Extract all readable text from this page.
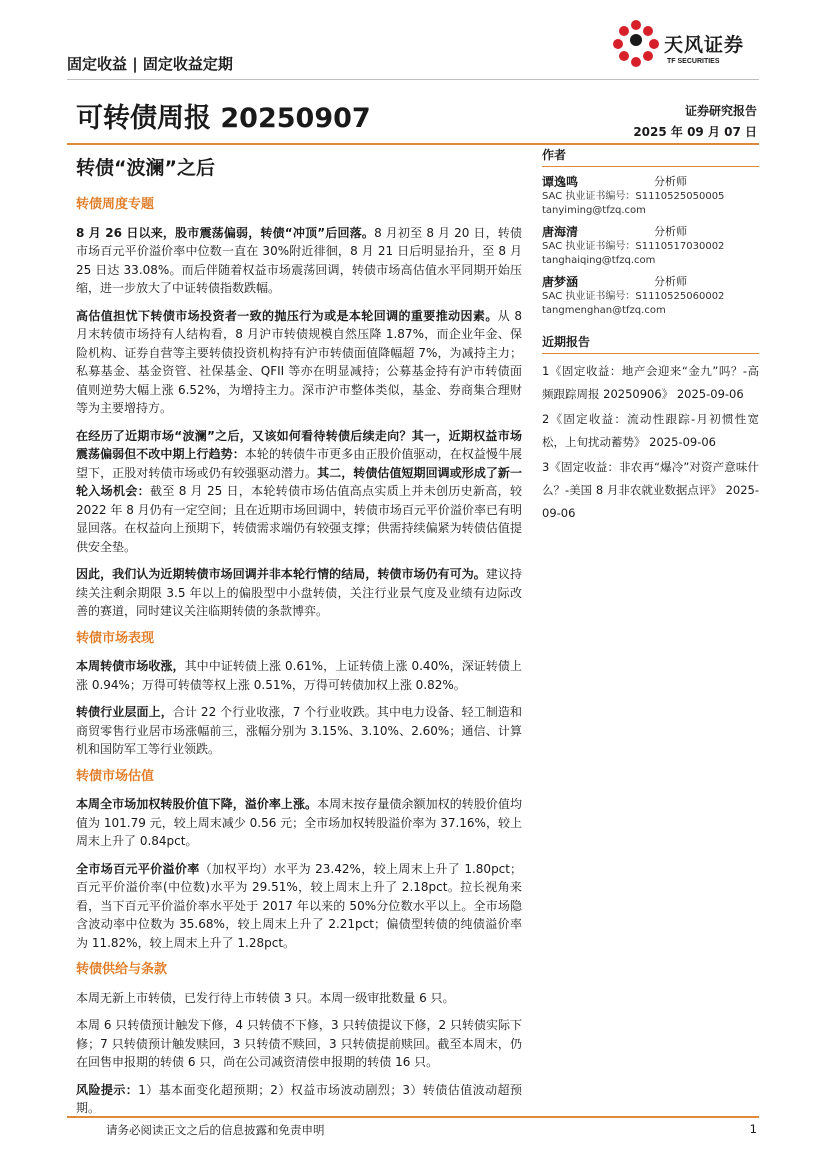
天风证券
TF SECURITIES
固定收益 | 固定收益定期
可转债周报 20250907	证券研究报告
2025 年 09 月 07 日
转债“波澜”之后
转债周度专题
8 月 26 日以来，股市震荡偏弱，转债“冲顶”后回落。8 月初至 8 月 20 日，转债市场百元平价溢价率中位数一直在 30%附近徘徊，8 月 21 日后明显抬升，至 8 月 25 日达 33.08%。而后伴随着权益市场震荡回调，转债市场高估值水平同期开始压缩，进一步放大了中证转债指数跌幅。
高估值担忧下转债市场投资者一致的抛压行为或是本轮回调的重要推动因素。从 8 月末转债市场持有人结构看，8 月沪市转债规模自然压降 1.87%，而企业年金、保险机构、证券自营等主要转债投资机构持有沪市转债面值降幅超 7%，为减持主力；私募基金、基金资管、社保基金、QFII 等亦在明显减持；公募基金持有沪市转债面值则逆势大幅上涨 6.52%，为增持主力。深市沪市整体类似，基金、券商集合理财等为主要增持方。
在经历了近期市场“波澜”之后，又该如何看待转债后续走向？其一，近期权益市场震荡偏弱但不改中期上行趋势：本轮的转债牛市更多由正股价值驱动，在权益慢牛展望下，正股对转债市场或仍有较强驱动潜力。其二，转债估值短期回调或形成了新一轮入场机会：截至 8 月 25 日，本轮转债市场估值高点实质上并未创历史新高，较 2022 年 8 月仍有一定空间；且在近期市场回调中，转债市场百元平价溢价率已有明显回落。在权益向上预期下，转债需求端仍有较强支撑；供需持续偏紧为转债估值提供安全垫。
因此，我们认为近期转债市场回调并非本轮行情的结局，转债市场仍有可为。建议持续关注剩余期限 3.5 年以上的偏股型中小盘转债，关注行业景气度及业绩有边际改善的赛道，同时建议关注临期转债的条款博弈。
转债市场表现
本周转债市场收涨，其中中证转债上涨 0.61%，上证转债上涨 0.40%，深证转债上涨 0.94%；万得可转债等权上涨 0.51%，万得可转债加权上涨 0.82%。
转债行业层面上，合计 22 个行业收涨，7 个行业收跌。其中电力设备、轻工制造和商贸零售行业居市场涨幅前三，涨幅分别为 3.15%、3.10%、2.60%；通信、计算机和国防军工等行业领跌。
转债市场估值
本周全市场加权转股价值下降，溢价率上涨。本周末按存量债余额加权的转股价值均值为 101.79 元，较上周末减少 0.56 元；全市场加权转股溢价率为 37.16%，较上周末上升了 0.84pct。
全市场百元平价溢价率（加权平均）水平为 23.42%，较上周末上升了 1.80pct；百元平价溢价率(中位数)水平为 29.51%，较上周末上升了 2.18pct。拉长视角来看，当下百元平价溢价率水平处于 2017 年以来的 50%分位数水平以上。全市场隐含波动率中位数为 35.68%，较上周末上升了 2.21pct；偏债型转债的纯债溢价率为 11.82%，较上周末上升了 1.28pct。
转债供给与条款
本周无新上市转债，已发行待上市转债 3 只。本周一级审批数量 6 只。
本周 6 只转债预计触发下修，4 只转债不下修，3 只转债提议下修，2 只转债实际下修；7 只转债预计触发赎回，3 只转债不赎回，3 只转债提前赎回。截至本周末，仍在回售申报期的转债 6 只，尚在公司减资清偿申报期的转债 16 只。
风险提示：1）基本面变化超预期；2）权益市场波动剧烈；3）转债估值波动超预期。
作者
谭逸鸣	分析师
SAC 执业证书编号：S1110525050005
tanyiming@tfzq.com
唐海清	分析师
SAC 执业证书编号：S1110517030002
tanghaiqing@tfzq.com
唐梦涵	分析师
SAC 执业证书编号：S1110525060002
tangmenghan@tfzq.com
近期报告
1《固定收益：地产会迎来“金九”吗？-高频跟踪周报 20250906》 2025-09-06
2《固定收益：流动性跟踪-月初惯性宽松，上旬扰动蓄势》 2025-09-06
3《固定收益：非农再“爆冷”对资产意味什么？-美国 8 月非农就业数据点评》 2025-09-06
请务必阅读正文之后的信息披露和免责申明	1
